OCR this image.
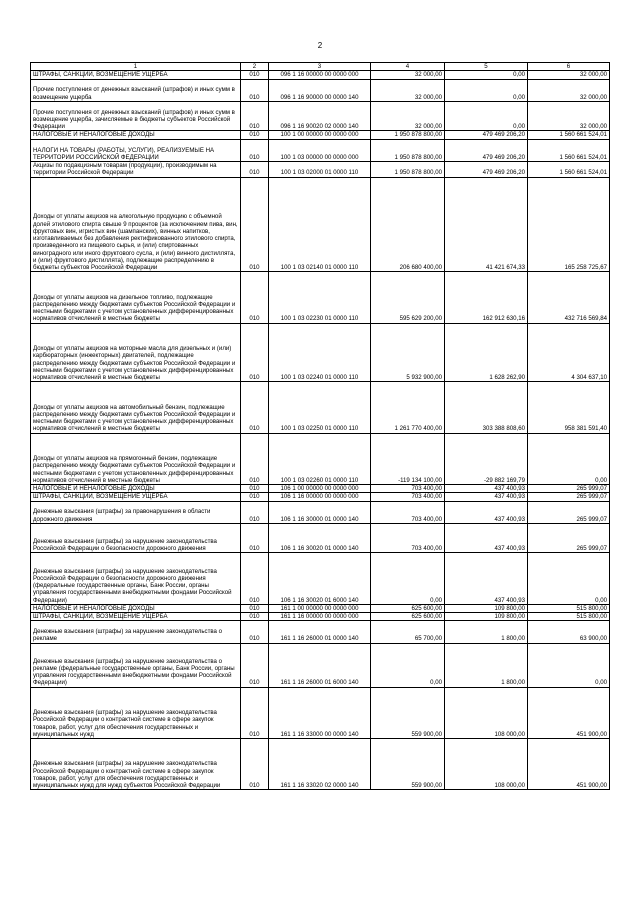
2
1	2	3	4	5	6
ШТРАФЫ, САНКЦИИ, ВОЗМЕЩЕНИЕ УЩЕРБА	010	096 1 16 00000 00 0000 000	32 000,00	0,00	32 000,00
Прочие поступления от денежных взысканий (штрафов) и иных сумм в возмещение ущерба	010	096 1 16 90000 00 0000 140	32 000,00	0,00	32 000,00
Прочие поступления от денежных взысканий (штрафов) и иных сумм в возмещение ущерба, зачисляемые в бюджеты субъектов Российской Федерации	010	096 1 16 90020 02 0000 140	32 000,00	0,00	32 000,00
НАЛОГОВЫЕ И НЕНАЛОГОВЫЕ ДОХОДЫ	010	100 1 00 00000 00 0000 000	1 950 878 800,00	479 469 206,20	1 560 661 524,01
НАЛОГИ НА ТОВАРЫ (РАБОТЫ, УСЛУГИ), РЕАЛИЗУЕМЫЕ НА ТЕРРИТОРИИ РОССИЙСКОЙ ФЕДЕРАЦИИ	010	100 1 03 00000 00 0000 000	1 950 878 800,00	479 469 206,20	1 560 661 524,01
Акцизы по подакцизным товарам (продукции), производимым на территории Российской Федерации	010	100 1 03 02000 01 0000 110	1 950 878 800,00	479 469 206,20	1 560 661 524,01
Доходы от уплаты акцизов на алкогольную продукцию с объемной долей этилового спирта свыше 9 процентов (за исключением пива, вин, фруктовых вин, игристых вин (шампанских), винных напитков, изготавливаемых без добавления ректификованного этилового спирта, произведенного из пищевого сырья, и (или) спиртованных виноградного или иного фруктового сусла, и (или) винного дистиллята, и (или) фруктового дистиллята), подлежащие распределению в бюджеты субъектов Российской Федерации	010	100 1 03 02140 01 0000 110	206 680 400,00	41 421 674,33	165 258 725,67
Доходы от уплаты акцизов на дизельное топливо, подлежащие распределению между бюджетами субъектов Российской Федерации и местными бюджетами с учетом установленных дифференцированных нормативов отчислений в местные бюджеты	010	100 1 03 02230 01 0000 110	595 629 200,00	162 912 630,16	432 716 569,84
Доходы от уплаты акцизов на моторные масла для дизельных и (или) карбюраторных (инжекторных) двигателей, подлежащие распределению между бюджетами субъектов Российской Федерации и местными бюджетами с учетом установленных дифференцированных нормативов отчислений в местные бюджеты	010	100 1 03 02240 01 0000 110	5 932 900,00	1 628 262,90	4 304 637,10
Доходы от уплаты акцизов на автомобильный бензин, подлежащие распределению между бюджетами субъектов Российской Федерации и местными бюджетами с учетом установленных дифференцированных нормативов отчислений в местные бюджеты	010	100 1 03 02250 01 0000 110	1 261 770 400,00	303 388 808,60	958 381 591,40
Доходы от уплаты акцизов на прямогонный бензин, подлежащие распределению между бюджетами субъектов Российской Федерации и местными бюджетами с учетом установленных дифференцированных нормативов отчислений в местные бюджеты	010	100 1 03 02260 01 0000 110	-119 134 100,00	-29 882 169,79	0,00
НАЛОГОВЫЕ И НЕНАЛОГОВЫЕ ДОХОДЫ	010	106 1 00 00000 00 0000 000	703 400,00	437 400,93	265 999,07
ШТРАФЫ, САНКЦИИ, ВОЗМЕЩЕНИЕ УЩЕРБА	010	106 1 16 00000 00 0000 000	703 400,00	437 400,93	265 999,07
Денежные взыскания (штрафы) за правонарушения в области дорожного движения	010	106 1 16 30000 01 0000 140	703 400,00	437 400,93	265 999,07
Денежные взыскания (штрафы) за нарушение законодательства Российской Федерации о безопасности дорожного движения	010	106 1 16 30020 01 0000 140	703 400,00	437 400,93	265 999,07
Денежные взыскания (штрафы) за нарушение законодательства Российской Федерации о безопасности дорожного движения (федеральные государственные органы, Банк России, органы управления государственными внебюджетными фондами Российской Федерации)	010	106 1 16 30020 01 6000 140	0,00	437 400,93	0,00
НАЛОГОВЫЕ И НЕНАЛОГОВЫЕ ДОХОДЫ	010	161 1 00 00000 00 0000 000	625 600,00	109 800,00	515 800,00
ШТРАФЫ, САНКЦИИ, ВОЗМЕЩЕНИЕ УЩЕРБА	010	161 1 16 00000 00 0000 000	625 600,00	109 800,00	515 800,00
Денежные взыскания (штрафы) за нарушение законодательства о рекламе	010	161 1 16 26000 01 0000 140	65 700,00	1 800,00	63 900,00
Денежные взыскания (штрафы) за нарушение законодательства о рекламе (федеральные государственные органы, Банк России, органы управления государственными внебюджетными фондами Российской Федерации)	010	161 1 16 26000 01 6000 140	0,00	1 800,00	0,00
Денежные взыскания (штрафы) за нарушение законодательства Российской Федерации о контрактной системе в сфере закупок товаров, работ, услуг для обеспечения государственных и муниципальных нужд	010	161 1 16 33000 00 0000 140	559 900,00	108 000,00	451 900,00
Денежные взыскания (штрафы) за нарушение законодательства Российской Федерации о контрактной системе в сфере закупок товаров, работ, услуг для обеспечения государственных и муниципальных нужд для нужд субъектов Российской Федерации	010	161 1 16 33020 02 0000 140	559 900,00	108 000,00	451 900,00
